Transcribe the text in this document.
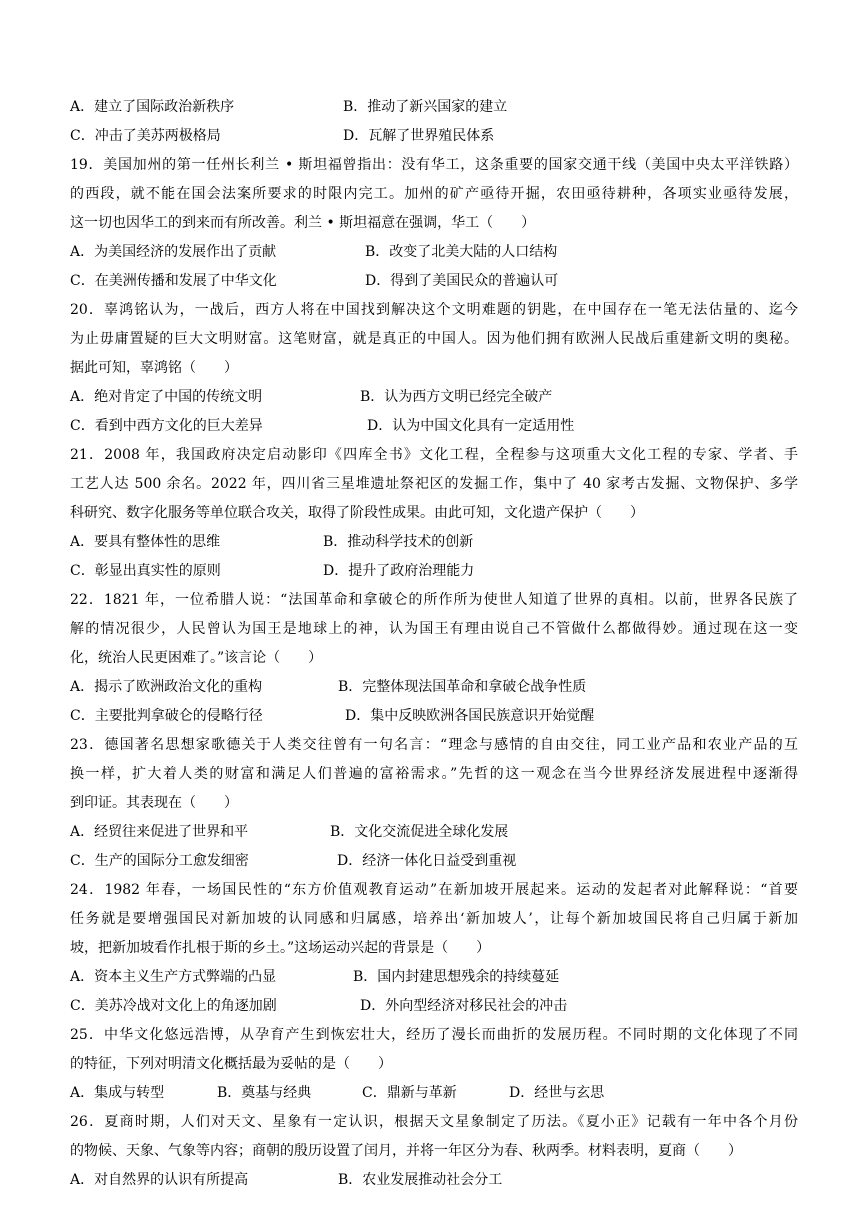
A．建立了国际政治新秩序	B．推动了新兴国家的建立
C．冲击了美苏两极格局	D．瓦解了世界殖民体系
19．美国加州的第一任州长利兰 • 斯坦福曾指出：没有华工，这条重要的国家交通干线（美国中央太平洋铁路）
的西段，就不能在国会法案所要求的时限内完工。加州的矿产亟待开掘，农田亟待耕种，各项实业亟待发展，
这一切也因华工的到来而有所改善。利兰 • 斯坦福意在强调，华工（　　）
A．为美国经济的发展作出了贡献	B．改变了北美大陆的人口结构
C．在美洲传播和发展了中华文化	D．得到了美国民众的普遍认可
20．辜鸿铭认为，一战后，西方人将在中国找到解决这个文明难题的钥匙，在中国存在一笔无法估量的、迄今
为止毋庸置疑的巨大文明财富。这笔财富，就是真正的中国人。因为他们拥有欧洲人民战后重建新文明的奥秘。
据此可知，辜鸿铭（　　）
A．绝对肯定了中国的传统文明	B．认为西方文明已经完全破产
C．看到中西方文化的巨大差异	D．认为中国文化具有一定适用性
21．2008 年，我国政府决定启动影印《四库全书》文化工程，全程参与这项重大文化工程的专家、学者、手
工艺人达 500 余名。2022 年，四川省三星堆遗址祭祀区的发掘工作，集中了 40 家考古发掘、文物保护、多学
科研究、数字化服务等单位联合攻关，取得了阶段性成果。由此可知，文化遗产保护（　　）
A．要具有整体性的思维	B．推动科学技术的创新
C．彰显出真实性的原则	D．提升了政府治理能力
22．1821 年，一位希腊人说：“法国革命和拿破仑的所作所为使世人知道了世界的真相。以前，世界各民族了
解的情况很少，人民曾认为国王是地球上的神，认为国王有理由说自己不管做什么都做得妙。通过现在这一变
化，统治人民更困难了。”该言论（　　）
A．揭示了欧洲政治文化的重构	B．完整体现法国革命和拿破仑战争性质
C．主要批判拿破仑的侵略行径	D．集中反映欧洲各国民族意识开始觉醒
23．德国著名思想家歌德关于人类交往曾有一句名言：“理念与感情的自由交往，同工业产品和农业产品的互
换一样，扩大着人类的财富和满足人们普遍的富裕需求。”先哲的这一观念在当今世界经济发展进程中逐渐得
到印证。其表现在（　　）
A．经贸往来促进了世界和平	B．文化交流促进全球化发展
C．生产的国际分工愈发细密	D．经济一体化日益受到重视
24．1982 年春，一场国民性的“东方价值观教育运动”在新加坡开展起来。运动的发起者对此解释说：“首要
任务就是要增强国民对新加坡的认同感和归属感，培养出‘新加坡人’，让每个新加坡国民将自己归属于新加
坡，把新加坡看作扎根于斯的乡土。”这场运动兴起的背景是（　　）
A．资本主义生产方式弊端的凸显	B．国内封建思想残余的持续蔓延
C．美苏冷战对文化上的角逐加剧	D．外向型经济对移民社会的冲击
25．中华文化悠远浩博，从孕育产生到恢宏壮大，经历了漫长而曲折的发展历程。不同时期的文化体现了不同
的特征，下列对明清文化概括最为妥帖的是（　　）
A．集成与转型	B．奠基与经典	C．鼎新与革新	D．经世与玄思
26．夏商时期，人们对天文、星象有一定认识，根据天文星象制定了历法。《夏小正》记载有一年中各个月份
的物候、天象、气象等内容；商朝的殷历设置了闰月，并将一年区分为春、秋两季。材料表明，夏商（　　）
A．对自然界的认识有所提高	B．农业发展推动社会分工
